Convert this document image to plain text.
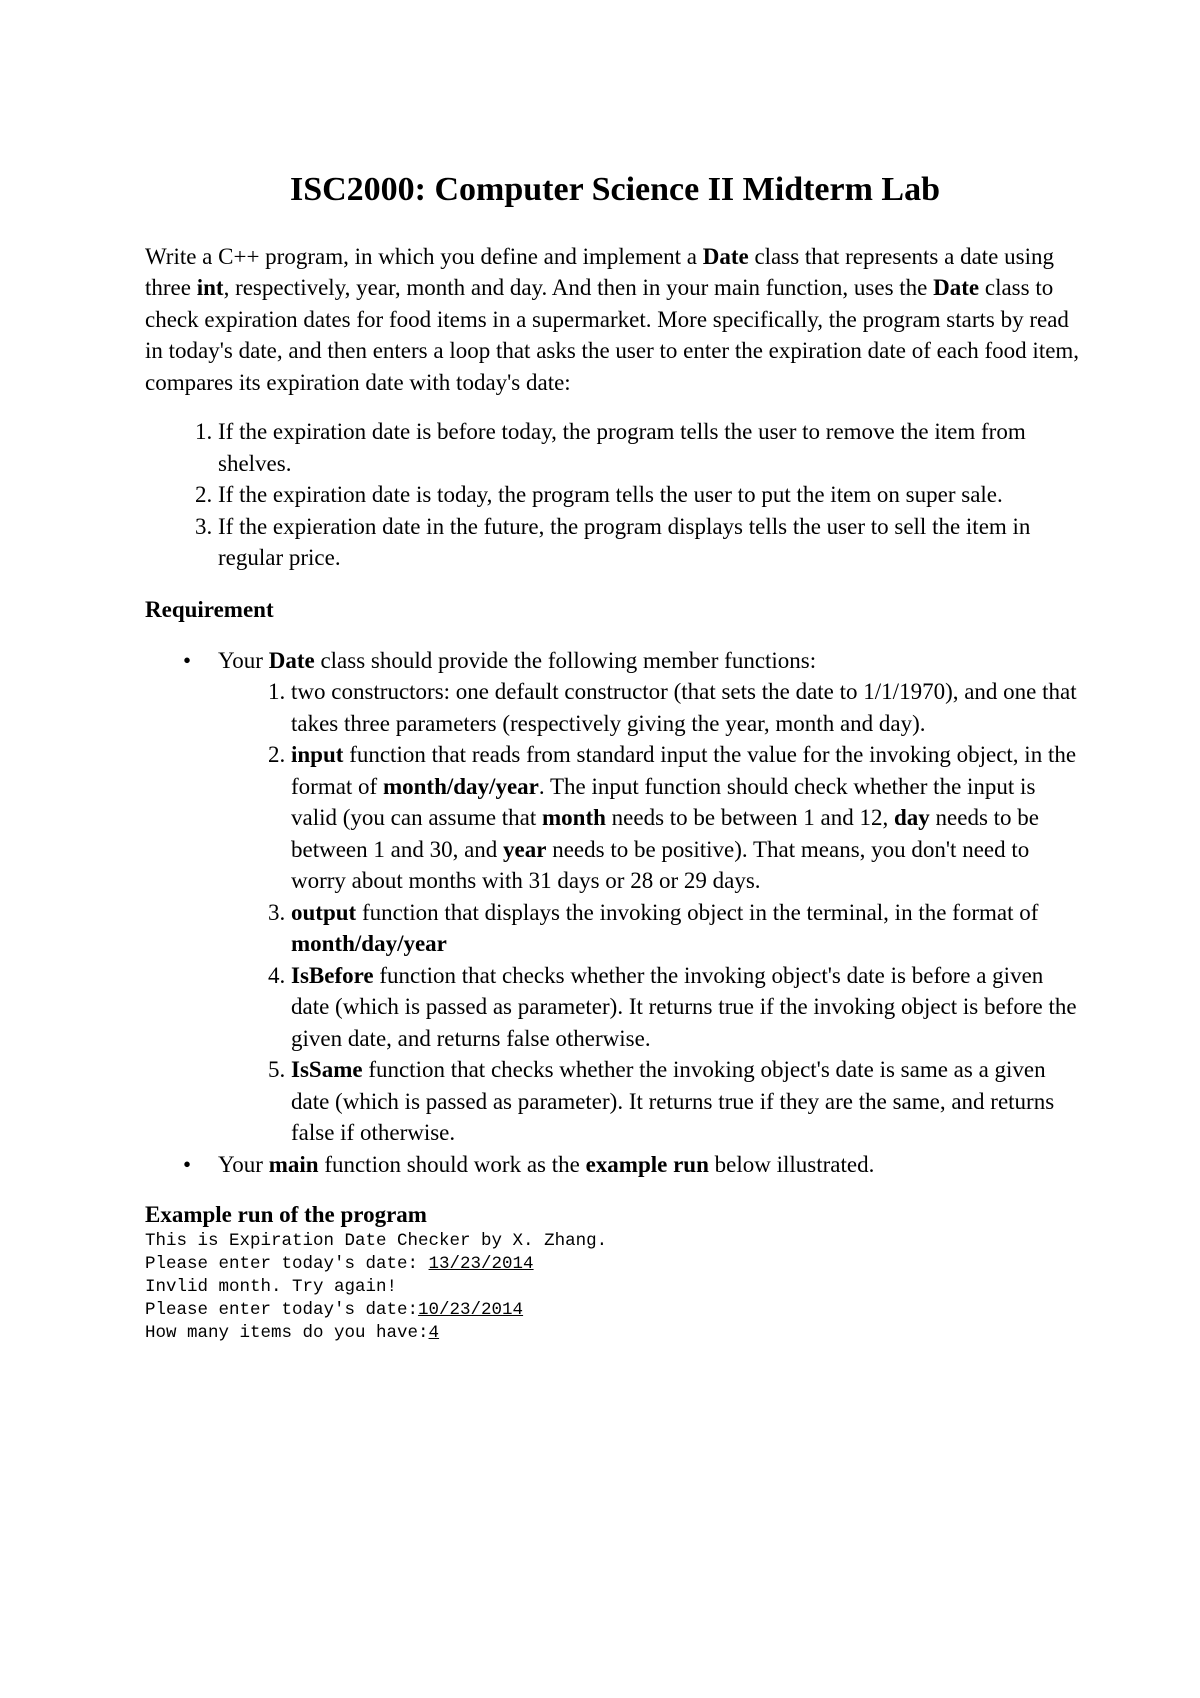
ISC2000: Computer Science II Midterm Lab

Write a C++ program, in which you define and implement a Date class that represents a date using three int, respectively, year, month and day. And then in your main function, uses the Date class to check expiration dates for food items in a supermarket. More specifically, the program starts by read in today's date, and then enters a loop that asks the user to enter the expiration date of each food item, compares its expiration date with today's date:

1. If the expiration date is before today, the program tells the user to remove the item from shelves.
2. If the expiration date is today, the program tells the user to put the item on super sale.
3. If the expieration date in the future, the program displays tells the user to sell the item in regular price.
Requirement
• Your Date class should provide the following member functions:
1. two constructors: one default constructor (that sets the date to 1/1/1970), and one that takes three parameters (respectively giving the year, month and day).
2. input function that reads from standard input the value for the invoking object, in the format of month/day/year. The input function should check whether the input is valid (you can assume that month needs to be between 1 and 12, day needs to be between 1 and 30, and year needs to be positive). That means, you don't need to worry about months with 31 days or 28 or 29 days.
3. output function that displays the invoking object in the terminal, in the format of month/day/year
4. IsBefore function that checks whether the invoking object's date is before a given date (which is passed as parameter). It returns true if the invoking object is before the given date, and returns false otherwise.
5. IsSame function that checks whether the invoking object's date is same as a given date (which is passed as parameter). It returns true if they are the same, and returns false if otherwise.
• Your main function should work as the example run below illustrated.
Example run of the program
This is Expiration Date Checker by X. Zhang.
Please enter today's date: 13/23/2014
Invlid month. Try again!
Please enter today's date:10/23/2014
How many items do you have:4
